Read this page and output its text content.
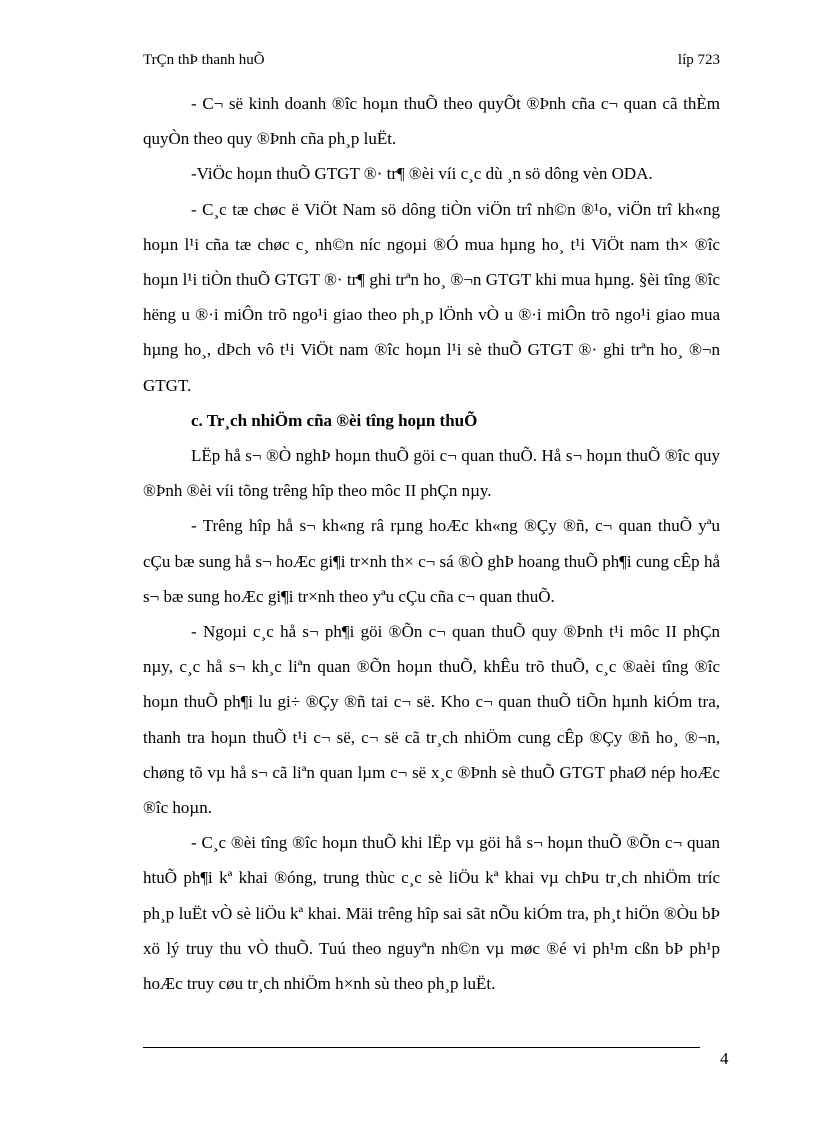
TrÇn thÞ thanh huÕ	líp 723

- C¬ së kinh doanh ®îc hoµn thuÕ theo quyÕt ®Þnh cña c¬ quan cã thÈm quyÒn theo quy ®Þnh cña ph¸p luËt.

-ViÖc hoµn thuÕ GTGT ®· tr¶ ®èi víi c¸c dù ¸n sö dông vèn ODA.

- C¸c tæ chøc ë ViÖt Nam sö dông tiÒn viÖn trî nh©n ®¹o, viÖn trî kh«ng hoµn l¹i cña tæ chøc c¸ nh©n níc ngoµi ®Ó mua hµng ho¸ t¹i ViÖt nam th× ®îc hoµn l¹i tiÒn thuÕ GTGT ®· tr¶ ghi trªn ho¸ ®¬n GTGT khi mua hµng. §èi tîng ®îc hëng u ®·i miÔn trõ ngo¹i giao theo ph¸p lÖnh vÒ u ®·i miÔn trõ ngo¹i giao mua hµng ho¸, dÞch vô t¹i ViÖt nam ®îc hoµn l¹i sè thuÕ GTGT ®· ghi trªn ho¸ ®¬n GTGT.

c. Tr¸ch nhiÖm cña ®èi tîng hoµn thuÕ

LËp hå s¬ ®Ò nghÞ hoµn thuÕ göi c¬ quan thuÕ. Hå s¬ hoµn thuÕ ®îc quy ®Þnh ®èi víi tõng trêng hîp theo môc II phÇn nµy.

- Trêng hîp hå s¬ kh«ng râ rµng hoÆc kh«ng ®Çy ®ñ, c¬ quan thuÕ yªu cÇu bæ sung hå s¬ hoÆc gi¶i tr×nh th× c¬ sá ®Ò ghÞ hoang thuÕ ph¶i cung cÊp hå s¬ bæ sung hoÆc gi¶i tr×nh theo yªu cÇu cña c¬ quan thuÕ.

- Ngoµi c¸c hå s¬ ph¶i göi ®Õn c¬ quan thuÕ quy ®Þnh t¹i môc II phÇn nµy, c¸c hå s¬ kh¸c liªn quan ®Õn hoµn thuÕ, khÊu trõ thuÕ, c¸c ®aèi tîng ®îc hoµn thuÕ ph¶i lu gi÷ ®Çy ®ñ tai c¬ së. Kho c¬ quan thuÕ tiÕn hµnh kiÓm tra, thanh tra hoµn thuÕ t¹i c¬ së, c¬ së cã tr¸ch nhiÖm cung cÊp ®Çy ®ñ ho¸ ®¬n, chøng tõ vµ hå s¬ cã liªn quan lµm c¬ së x¸c ®Þnh sè thuÕ GTGT phaØ nép hoÆc ®îc hoµn.

- C¸c ®èi tîng ®îc hoµn thuÕ khi lËp vµ göi hå s¬ hoµn thuÕ ®Õn c¬ quan htuÕ ph¶i kª khai ®óng, trung thùc c¸c sè liÖu kª khai vµ chÞu tr¸ch nhiÖm tríc ph¸p luËt vÒ sè liÖu kª khai. Mäi trêng hîp sai sãt nÕu kiÓm tra, ph¸t hiÖn ®Òu bÞ xö lý truy thu vÒ thuÕ. Tuú theo nguyªn nh©n vµ møc ®é vi ph¹m cßn bÞ ph¹p hoÆc truy cøu tr¸ch nhiÖm h×nh sù theo ph¸p luËt.

4
